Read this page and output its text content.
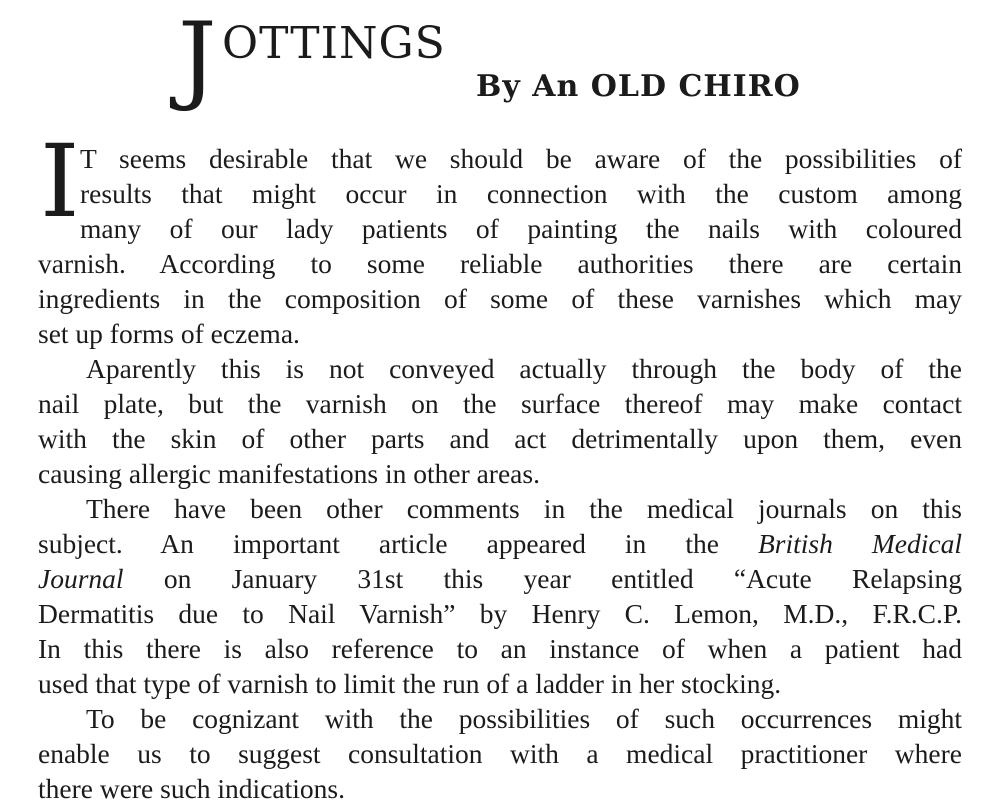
J OTTINGS
By An OLD CHIRO
I T seems desirable that we should be aware of the possibilities of
results that might occur in connection with the custom among
many of our lady patients of painting the nails with coloured
varnish. According to some reliable authorities there are certain
ingredients in the composition of some of these varnishes which may
set up forms of eczema.
Aparently this is not conveyed actually through the body of the
nail plate, but the varnish on the surface thereof may make contact
with the skin of other parts and act detrimentally upon them, even
causing allergic manifestations in other areas.
There have been other comments in the medical journals on this
subject. An important article appeared in the British Medical
Journal on January 31st this year entitled “Acute Relapsing
Dermatitis due to Nail Varnish” by Henry C. Lemon, M.D., F.R.C.P.
In this there is also reference to an instance of when a patient had
used that type of varnish to limit the run of a ladder in her stocking.
To be cognizant with the possibilities of such occurrences might
enable us to suggest consultation with a medical practitioner where
there were such indications.
